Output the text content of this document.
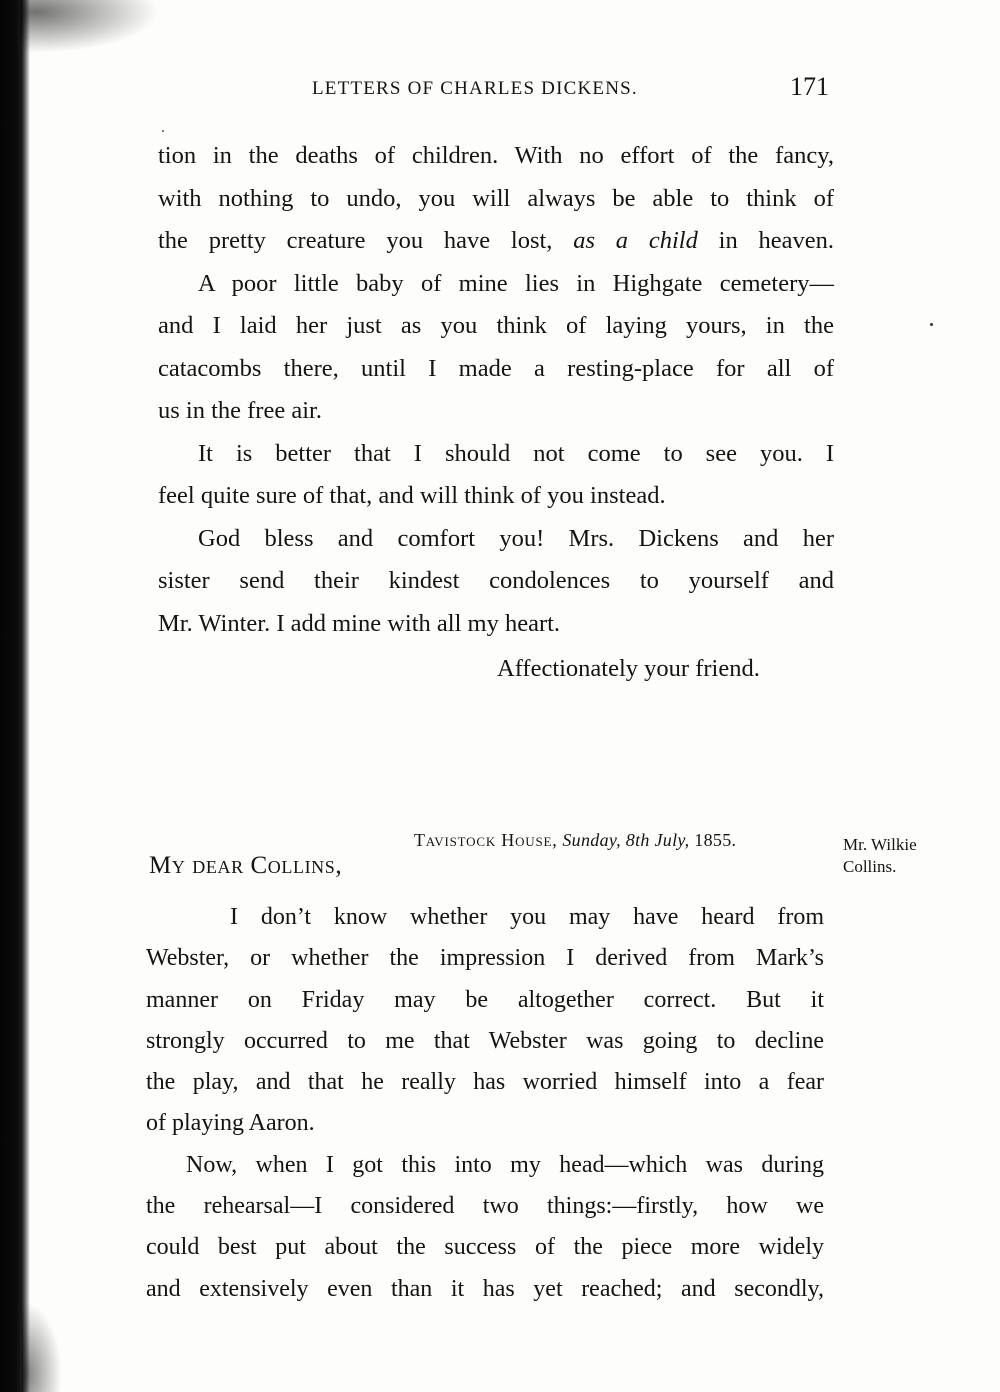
LETTERS OF CHARLES DICKENS.	171
tion in the deaths of children. With no effort of the fancy,
with nothing to undo, you will always be able to think of
the pretty creature you have lost, as a child in heaven.
A poor little baby of mine lies in Highgate cemetery—
and I laid her just as you think of laying yours, in the
catacombs there, until I made a resting-place for all of
us in the free air.
It is better that I should not come to see you. I
feel quite sure of that, and will think of you instead.
God bless and comfort you! Mrs. Dickens and her
sister send their kindest condolences to yourself and
Mr. Winter. I add mine with all my heart.
Affectionately your friend.
Tavistock House, Sunday, 8th July, 1855.	Mr. Wilkie
Collins.
My dear Collins,
I don’t know whether you may have heard from
Webster, or whether the impression I derived from Mark’s
manner on Friday may be altogether correct. But it
strongly occurred to me that Webster was going to decline
the play, and that he really has worried himself into a fear
of playing Aaron.
Now, when I got this into my head—which was during
the rehearsal—I considered two things:—firstly, how we
could best put about the success of the piece more widely
and extensively even than it has yet reached; and secondly,
